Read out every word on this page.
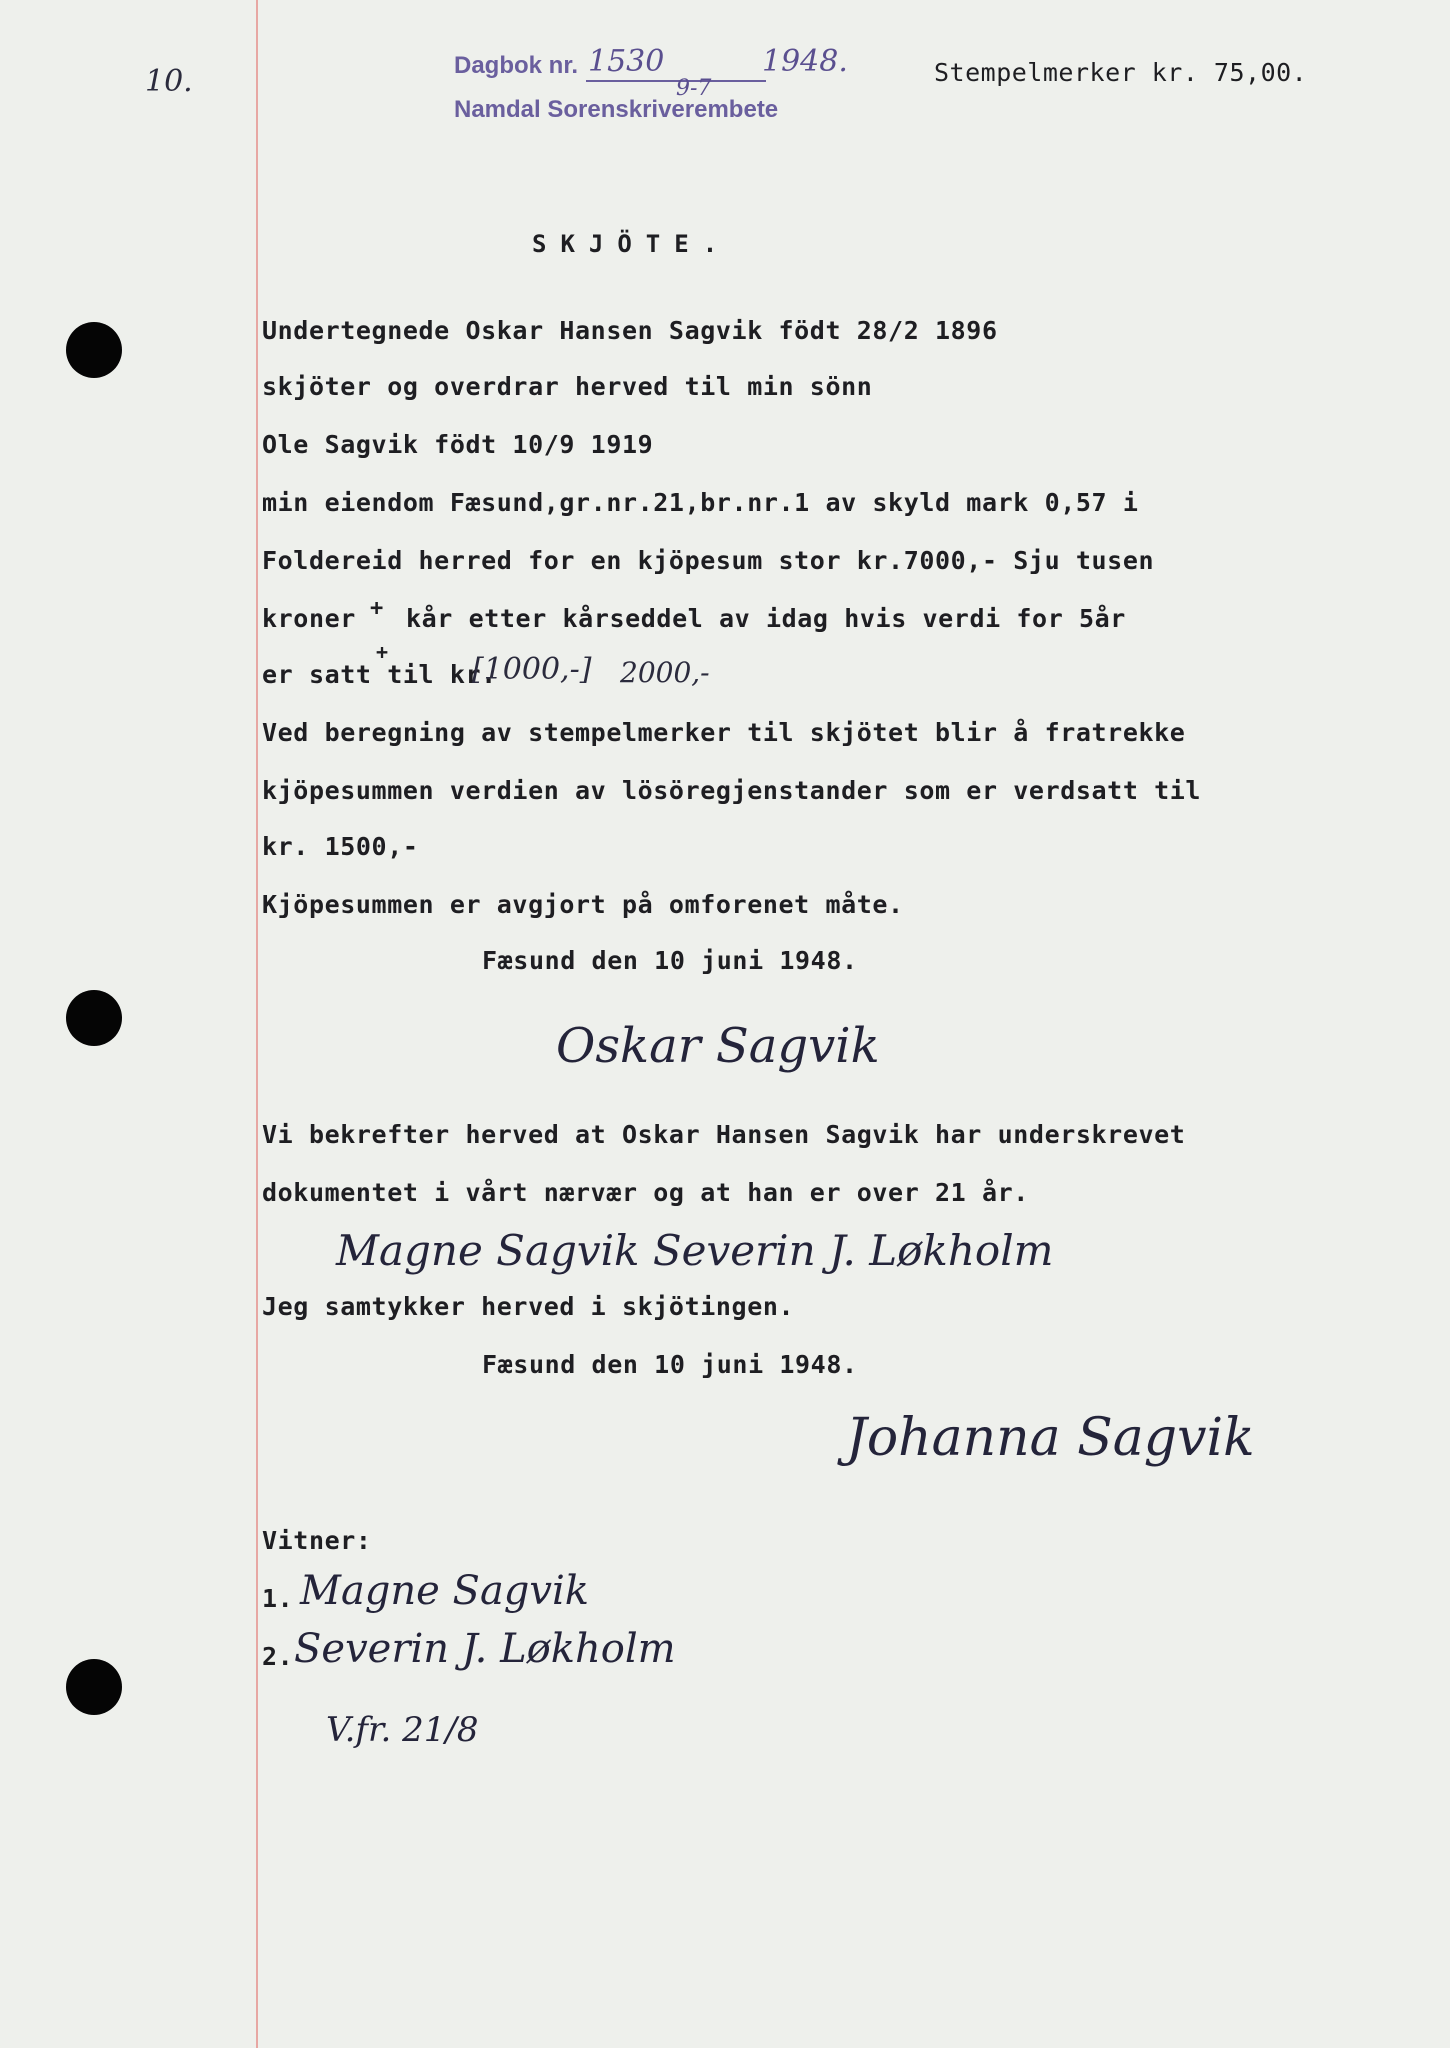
10.	Dagbok nr. 1530	1948.
9-7
Namdal Sorenskriverembete
Stempelmerker kr. 75,00.
SKJÖTE.
Undertegnede Oskar Hansen Sagvik födt 28/2 1896
skjöter og overdrar herved til min sönn
Ole Sagvik födt 10/9 1919
min eiendom Fæsund,gr.nr.21,br.nr.1 av skyld mark 0,57 i
Foldereid herred for en kjöpesum stor kr.7000,- Sju tusen
kroner + kår etter kårseddel av idag hvis verdi for 5år
+
er satt til kr.
[1000,-] 2000,-
Ved beregning av stempelmerker til skjötet blir å fratrekke
kjöpesummen verdien av lösöregjenstander som er verdsatt til
kr. 1500,-
Kjöpesummen er avgjort på omforenet måte.
Fæsund den 10 juni 1948.
Oskar Sagvik
Vi bekrefter herved at Oskar Hansen Sagvik har underskrevet
dokumentet i vårt nærvær og at han er over 21 år.
Magne Sagvik Severin J. Løkholm
Jeg samtykker herved i skjötingen.
Fæsund den 10 juni 1948.
Johanna Sagvik
Vitner:
1. Magne Sagvik
2. Severin J. Løkholm
V.fr. 21/8
